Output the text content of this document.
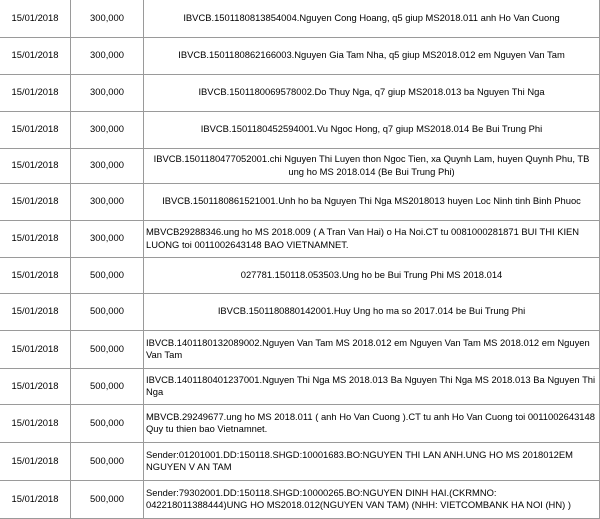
15/01/2018	300,000	IBVCB.1501180813854004.Nguyen Cong Hoang, q5 giup MS2018.011 anh Ho Van Cuong
15/01/2018	300,000	IBVCB.1501180862166003.Nguyen Gia Tam Nha, q5 giup MS2018.012 em Nguyen Van Tam
15/01/2018	300,000	IBVCB.1501180069578002.Do Thuy Nga, q7 giup MS2018.013 ba Nguyen Thi Nga
15/01/2018	300,000	IBVCB.1501180452594001.Vu Ngoc Hong, q7 giup MS2018.014 Be Bui Trung Phi
15/01/2018	300,000	IBVCB.1501180477052001.chi Nguyen Thi Luyen thon Ngoc Tien, xa Quynh Lam, huyen Quynh Phu, TB ung ho MS 2018.014 (Be Bui Trung Phi)
15/01/2018	300,000	IBVCB.1501180861521001.Unh ho ba Nguyen Thi Nga MS2018013 huyen Loc Ninh tinh Binh Phuoc
15/01/2018	300,000	MBVCB29288346.ung ho MS 2018.009 ( A Tran Van Hai) o Ha Noi.CT tu 0081000281871 BUI THI KIEN LUONG toi 0011002643148 BAO VIETNAMNET.
15/01/2018	500,000	027781.150118.053503.Ung ho be Bui Trung Phi MS 2018.014
15/01/2018	500,000	IBVCB.1501180880142001.Huy Ung ho ma so 2017.014 be Bui Trung Phi
15/01/2018	500,000	IBVCB.1401180132089002.Nguyen Van Tam MS 2018.012 em Nguyen Van Tam MS 2018.012 em Nguyen Van Tam
15/01/2018	500,000	IBVCB.1401180401237001.Nguyen Thi Nga MS 2018.013 Ba Nguyen Thi Nga MS 2018.013 Ba Nguyen Thi Nga
15/01/2018	500,000	MBVCB.29249677.ung ho MS 2018.011 ( anh Ho Van Cuong ).CT tu anh Ho Van Cuong toi 0011002643148 Quy tu thien bao Vietnamnet.
15/01/2018	500,000	Sender:01201001.DD:150118.SHGD:10001683.BO:NGUYEN THI LAN ANH.UNG HO MS 2018012EM NGUYEN V AN TAM
15/01/2018	500,000	Sender:79302001.DD:150118.SHGD:10000265.BO:NGUYEN DINH HAI.(CKRMNO: 042218011388444)UNG HO MS2018.012(NGUYEN VAN TAM) (NHH: VIETCOMBANK HA NOI (HN) )
